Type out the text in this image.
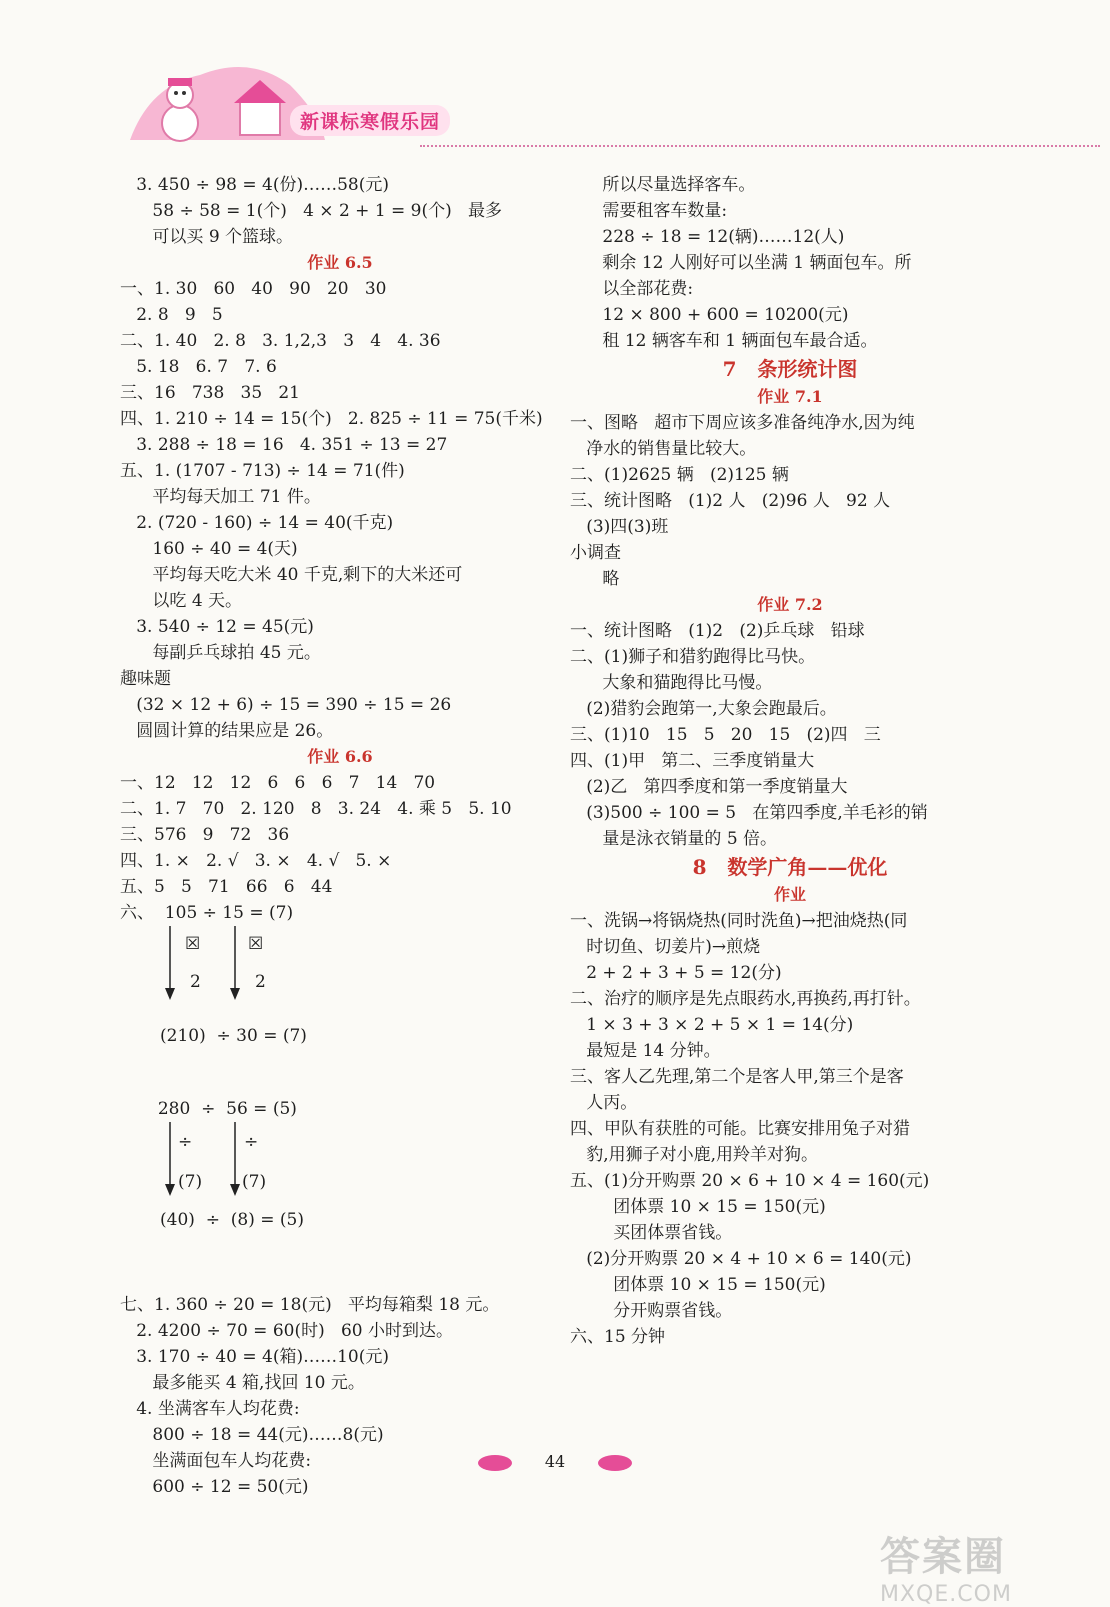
新课标寒假乐园
3. 450 ÷ 98 = 4(份)……58(元)
58 ÷ 58 = 1(个)   4 × 2 + 1 = 9(个)   最多
可以买 9 个篮球。
作业 6.5
一、1. 30   60   40   90   20   30
2. 8   9   5
二、1. 40   2. 8   3. 1,2,3   3   4   4. 36
5. 18   6. 7   7. 6
三、16   738   35   21
四、1. 210 ÷ 14 = 15(个)   2. 825 ÷ 11 = 75(千米)
3. 288 ÷ 18 = 16   4. 351 ÷ 13 = 27
五、1. (1707 - 713) ÷ 14 = 71(件)
平均每天加工 71 件。
2. (720 - 160) ÷ 14 = 40(千克)
160 ÷ 40 = 4(天)
平均每天吃大米 40 千克,剩下的大米还可
以吃 4 天。
3. 540 ÷ 12 = 45(元)
每副乒乓球拍 45 元。
趣味题
(32 × 12 + 6) ÷ 15 = 390 ÷ 15 = 26
圆圆计算的结果应是 26。
作业 6.6
一、12   12   12   6   6   6   7   14   70
二、1. 7   70   2. 120   8   3. 24   4. 乘 5   5. 10
三、576   9   72   36
四、1. ×   2. √   3. ×   4. √   5. ×
五、5   5   71   66   6   44
六、  105 ÷ 15 = (7)
☒	☒
2	2
(210)  ÷ 30 = (7)
280  ÷  56 = (5)
÷	÷
(7) (7)
(40)  ÷  (8) = (5)
七、1. 360 ÷ 20 = 18(元)   平均每箱梨 18 元。
2. 4200 ÷ 70 = 60(时)   60 小时到达。
3. 170 ÷ 40 = 4(箱)……10(元)
最多能买 4 箱,找回 10 元。
4. 坐满客车人均花费:
800 ÷ 18 = 44(元)……8(元)
坐满面包车人均花费:
600 ÷ 12 = 50(元)
所以尽量选择客车。
需要租客车数量:
228 ÷ 18 = 12(辆)……12(人)
剩余 12 人刚好可以坐满 1 辆面包车。所
以全部花费:
12 × 800 + 600 = 10200(元)
租 12 辆客车和 1 辆面包车最合适。
7   条形统计图
作业 7.1
一、图略   超市下周应该多准备纯净水,因为纯
净水的销售量比较大。
二、(1)2625 辆   (2)125 辆
三、统计图略   (1)2 人   (2)96 人   92 人
(3)四(3)班
小调查
略
作业 7.2
一、统计图略   (1)2   (2)乒乓球   铅球
二、(1)狮子和猎豹跑得比马快。
大象和猫跑得比马慢。
(2)猎豹会跑第一,大象会跑最后。
三、(1)10   15   5   20   15   (2)四   三
四、(1)甲   第二、三季度销量大
(2)乙   第四季度和第一季度销量大
(3)500 ÷ 100 = 5   在第四季度,羊毛衫的销
量是泳衣销量的 5 倍。
8   数学广角——优化
作业
一、洗锅→将锅烧热(同时洗鱼)→把油烧热(同
时切鱼、切姜片)→煎烧
2 + 2 + 3 + 5 = 12(分)
二、治疗的顺序是先点眼药水,再换药,再打针。
1 × 3 + 3 × 2 + 5 × 1 = 14(分)
最短是 14 分钟。
三、客人乙先理,第二个是客人甲,第三个是客
人丙。
四、甲队有获胜的可能。比赛安排用兔子对猎
豹,用狮子对小鹿,用羚羊对狗。
五、(1)分开购票 20 × 6 + 10 × 4 = 160(元)
团体票 10 × 15 = 150(元)
买团体票省钱。
(2)分开购票 20 × 4 + 10 × 6 = 140(元)
团体票 10 × 15 = 150(元)
分开购票省钱。
六、15 分钟
44
答案圈
MXQE.COM
